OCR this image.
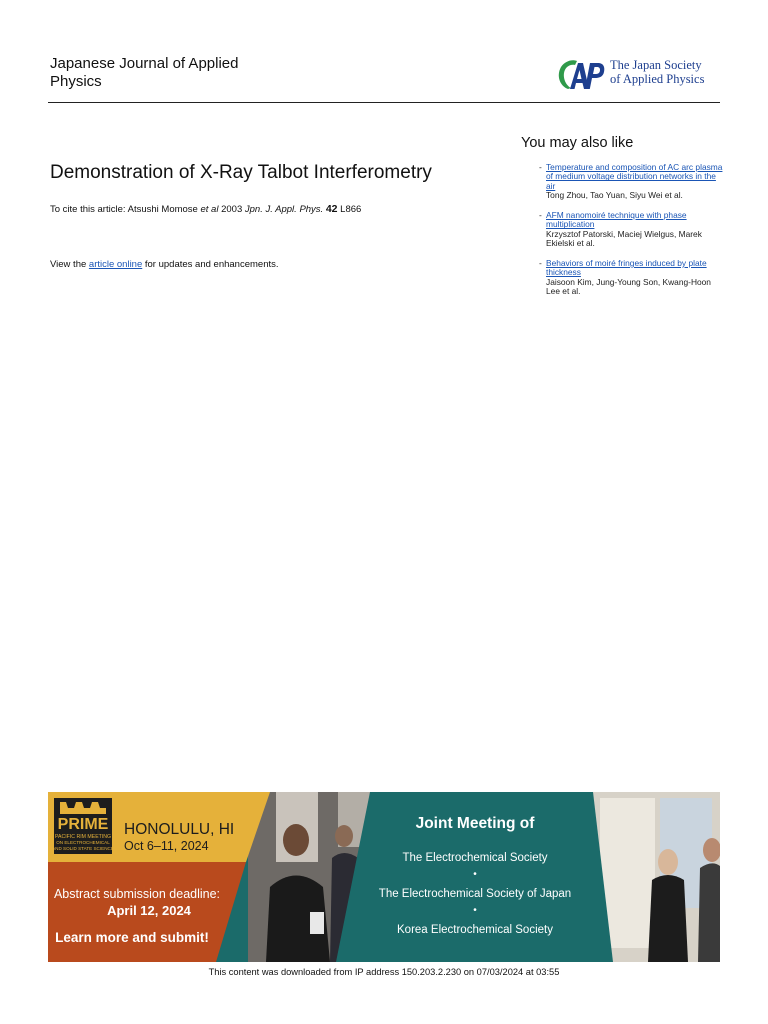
Japanese Journal of Applied
Physics
The Japan Society
of Applied Physics
Demonstration of X-Ray Talbot Interferometry
To cite this article: Atsushi Momose et al 2003 Jpn. J. Appl. Phys. 42 L866
View the article online for updates and enhancements.
You may also like
- Temperature and composition of AC arc plasma of medium voltage distribution networks in the air
Tong Zhou, Tao Yuan, Siyu Wei et al.
- AFM nanomoiré technique with phase multiplication
Krzysztof Patorski, Maciej Wielgus, Marek Ekielski et al.
- Behaviors of moiré fringes induced by plate thickness
Jaisoon Kim, Jung-Young Son, Kwang-Hoon Lee et al.
PRIME
PACIFIC RIM MEETING
ON ELECTROCHEMICAL
AND SOLID STATE SCIENCE
HONOLULU, HI
Oct 6–11, 2024
Abstract submission deadline:
April 12, 2024
Learn more and submit!
Joint Meeting of
The Electrochemical Society
•
The Electrochemical Society of Japan
•
Korea Electrochemical Society
This content was downloaded from IP address 150.203.2.230 on 07/03/2024 at 03:55
